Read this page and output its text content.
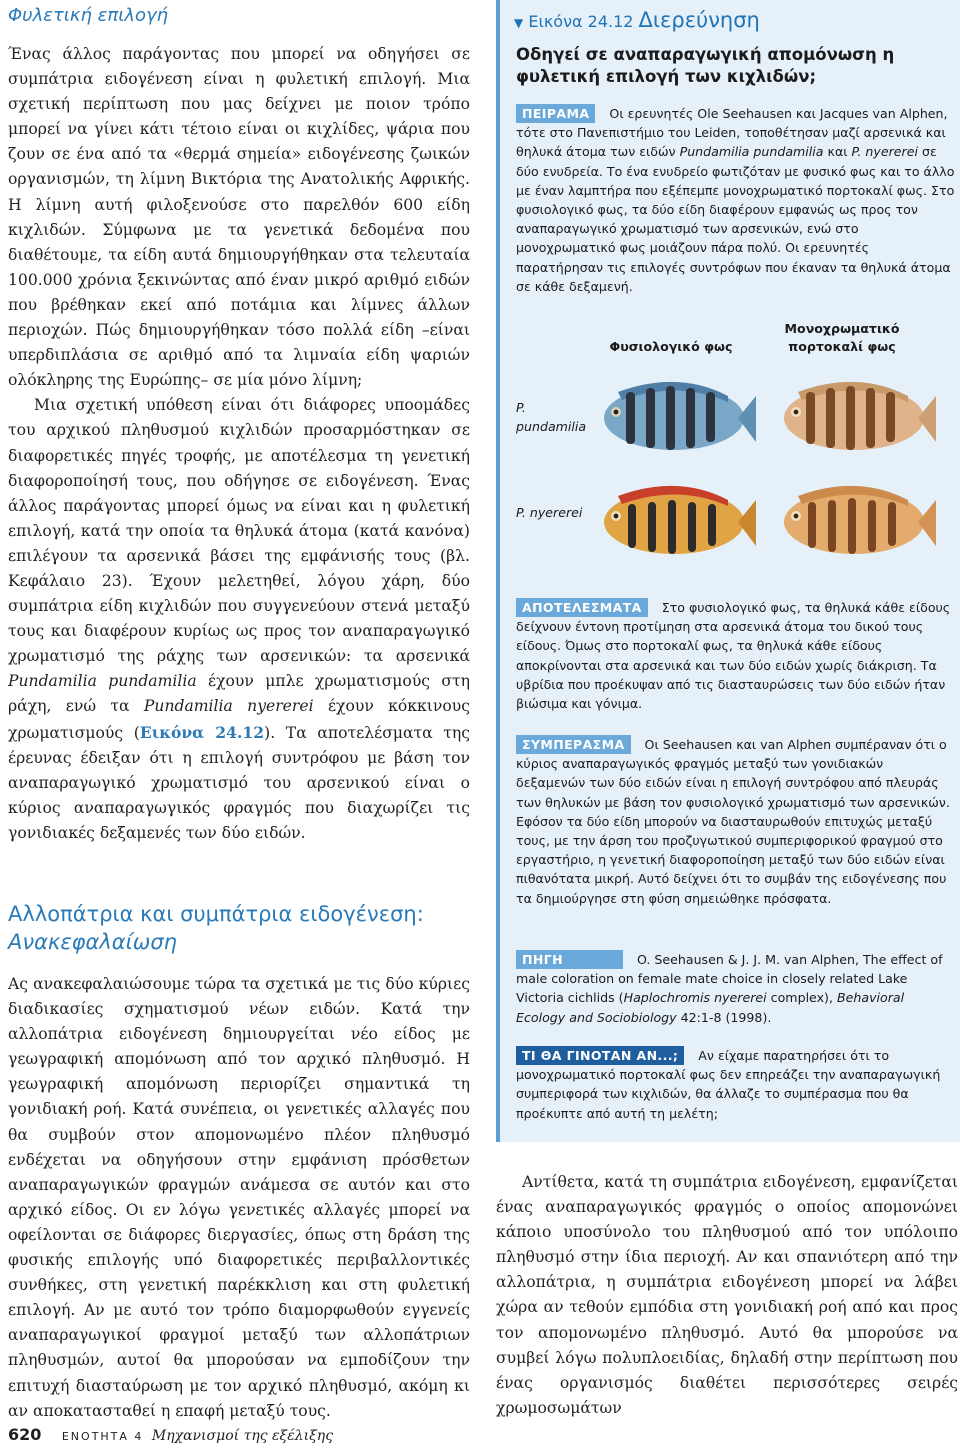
Φυλετική επιλογή

Ένας άλλος παράγοντας που μπορεί να οδηγήσει σε συμπάτρια ειδογένεση είναι η φυλετική επιλογή. Μια σχετική περίπτωση που μας δείχνει με ποιον τρόπο μπορεί να γίνει κάτι τέτοιο είναι οι κιχλίδες, ψάρια που ζουν σε ένα από τα «θερμά σημεία» ειδογένεσης ζωικών οργανισμών, τη λίμνη Βικτόρια της Ανατολικής Αφρικής. Η λίμνη αυτή φιλοξενούσε στο παρελθόν 600 είδη κιχλιδών. Σύμφωνα με τα γενετικά δεδομένα που διαθέτουμε, τα είδη αυτά δημιουργήθηκαν στα τελευταία 100.000 χρόνια ξεκινώντας από έναν μικρό αριθμό ειδών που βρέθηκαν εκεί από ποτάμια και λίμνες άλλων περιοχών. Πώς δημιουργήθηκαν τόσο πολλά είδη –είναι υπερδιπλάσια σε αριθμό από τα λιμναία είδη ψαριών ολόκληρης της Ευρώπης– σε μία μόνο λίμνη;

Μια σχετική υπόθεση είναι ότι διάφορες υποομάδες του αρχικού πληθυσμού κιχλιδών προσαρμόστηκαν σε διαφορετικές πηγές τροφής, με αποτέλεσμα τη γενετική διαφοροποίησή τους, που οδήγησε σε ειδογένεση. Ένας άλλος παράγοντας μπορεί όμως να είναι και η φυλετική επιλογή, κατά την οποία τα θηλυκά άτομα (κατά κανόνα) επιλέγουν τα αρσενικά βάσει της εμφάνισής τους (βλ. Κεφάλαιο 23). Έχουν μελετηθεί, λόγου χάρη, δύο συμπάτρια είδη κιχλιδών που συγγενεύουν στενά μεταξύ τους και διαφέρουν κυρίως ως προς τον αναπαραγωγικό χρωματισμό της ράχης των αρσενικών: τα αρσενικά Pundamilia pundamilia έχουν μπλε χρωματισμούς στη ράχη, ενώ τα Pundamilia nyererei έχουν κόκκινους χρωματισμούς (Εικόνα 24.12). Τα αποτελέσματα της έρευνας έδειξαν ότι η επιλογή συντρόφου με βάση τον αναπαραγωγικό χρωματισμό του αρσενικού είναι ο κύριος αναπαραγωγικός φραγμός που διαχωρίζει τις γονιδιακές δεξαμενές των δύο ειδών.

Αλλοπάτρια και συμπάτρια ειδογένεση:
Ανακεφαλαίωση

Ας ανακεφαλαιώσουμε τώρα τα σχετικά με τις δύο κύριες διαδικασίες σχηματισμού νέων ειδών. Κατά την αλλοπάτρια ειδογένεση δημιουργείται νέο είδος με γεωγραφική απομόνωση από τον αρχικό πληθυσμό. Η γεωγραφική απομόνωση περιορίζει σημαντικά τη γονιδιακή ροή. Κατά συνέπεια, οι γενετικές αλλαγές που θα συμβούν στον απομονωμένο πλέον πληθυσμό ενδέχεται να οδηγήσουν στην εμφάνιση πρόσθετων αναπαραγωγικών φραγμών ανάμεσα σε αυτόν και στο αρχικό είδος. Οι εν λόγω γενετικές αλλαγές μπορεί να οφείλονται σε διάφορες διεργασίες, όπως στη δράση της φυσικής επιλογής υπό διαφορετικές περιβαλλοντικές συνθήκες, στη γενετική παρέκκλιση και στη φυλετική επιλογή. Αν με αυτό τον τρόπο διαμορφωθούν εγγενείς αναπαραγωγικοί φραγμοί μεταξύ των αλλοπάτριων πληθυσμών, αυτοί θα μπορούσαν να εμποδίζουν την επιτυχή διασταύρωση με τον αρχικό πληθυσμό, ακόμη κι αν αποκατασταθεί η επαφή μεταξύ τους.

▼ Εικόνα 24.12 Διερεύνηση
Οδηγεί σε αναπαραγωγική απομόνωση η φυλετική επιλογή των κιχλιδών;
ΠΕΙΡΑΜΑ Οι ερευνητές Ole Seehausen και Jacques van Alphen, τότε στο Πανεπιστήμιο του Leiden, τοποθέτησαν μαζί αρσενικά και θηλυκά άτομα των ειδών Pundamilia pundamilia και P. nyererei σε δύο ενυδρεία. Το ένα ενυδρείο φωτιζόταν με φυσικό φως και το άλλο με έναν λαμπτήρα που εξέπεμπε μονοχρωματικό πορτοκαλί φως. Στο φυσιολογικό φως, τα δύο είδη διαφέρουν εμφανώς ως προς τον αναπαραγωγικό χρωματισμό των αρσενικών, ενώ στο μονοχρωματικό φως μοιάζουν πάρα πολύ. Οι ερευνητές παρατήρησαν τις επιλογές συντρόφων που έκαναν τα θηλυκά άτομα σε κάθε δεξαμενή.
Φυσιολογικό φως
Μονοχρωματικό
πορτοκαλί φως
P.
pundamilia
P. nyererei
ΑΠΟΤΕΛΕΣΜΑΤΑ Στο φυσιολογικό φως, τα θηλυκά κάθε είδους δείχνουν έντονη προτίμηση στα αρσενικά άτομα του δικού τους είδους. Όμως στο πορτοκαλί φως, τα θηλυκά κάθε είδους αποκρίνονται στα αρσενικά και των δύο ειδών χωρίς διάκριση. Τα υβρίδια που προέκυψαν από τις διασταυρώσεις των δύο ειδών ήταν βιώσιμα και γόνιμα.
ΣΥΜΠΕΡΑΣΜΑ Οι Seehausen και van Alphen συμπέραναν ότι ο κύριος αναπαραγωγικός φραγμός μεταξύ των γονιδιακών δεξαμενών των δύο ειδών είναι η επιλογή συντρόφου από πλευράς των θηλυκών με βάση τον φυσιολογικό χρωματισμό των αρσενικών. Εφόσον τα δύο είδη μπορούν να διασταυρωθούν επιτυχώς μεταξύ τους, με την άρση του προζυγωτικού συμπεριφορικού φραγμού στο εργαστήριο, η γενετική διαφοροποίηση μεταξύ των δύο ειδών είναι πιθανότατα μικρή. Αυτό δείχνει ότι το συμβάν της ειδογένεσης που τα δημιούργησε στη φύση σημειώθηκε πρόσφατα.
ΠΗΓΗ	O. Seehausen & J. J. M. van Alphen, The effect of male coloration on female mate choice in closely related Lake Victoria cichlids (Haplochromis nyererei complex), Behavioral Ecology and Sociobiology 42:1-8 (1998).
ΤΙ ΘΑ ΓΙΝΟΤΑΝ ΑΝ...; Αν είχαμε παρατηρήσει ότι το μονοχρωματικό πορτοκαλί φως δεν επηρεάζει την αναπαραγωγική συμπεριφορά των κιχλιδών, θα άλλαζε το συμπέρασμα που θα προέκυπτε από αυτή τη μελέτη;

Αντίθετα, κατά τη συμπάτρια ειδογένεση, εμφανίζεται ένας αναπαραγωγικός φραγμός ο οποίος απομονώνει κάποιο υποσύνολο του πληθυσμού από τον υπόλοιπο πληθυσμό στην ίδια περιοχή. Αν και σπανιότερη από την αλλοπάτρια, η συμπάτρια ειδογένεση μπορεί να λάβει χώρα αν τεθούν εμπόδια στη γονιδιακή ροή από και προς τον απομονωμένο πληθυσμό. Αυτό θα μπορούσε να συμβεί λόγω πολυπλοειδίας, δηλαδή στην περίπτωση που ένας οργανισμός διαθέτει περισσότερες σειρές χρωμοσωμάτων

620 ΕΝΟΤΗΤΑ 4 Μηχανισμοί της εξέλιξης
